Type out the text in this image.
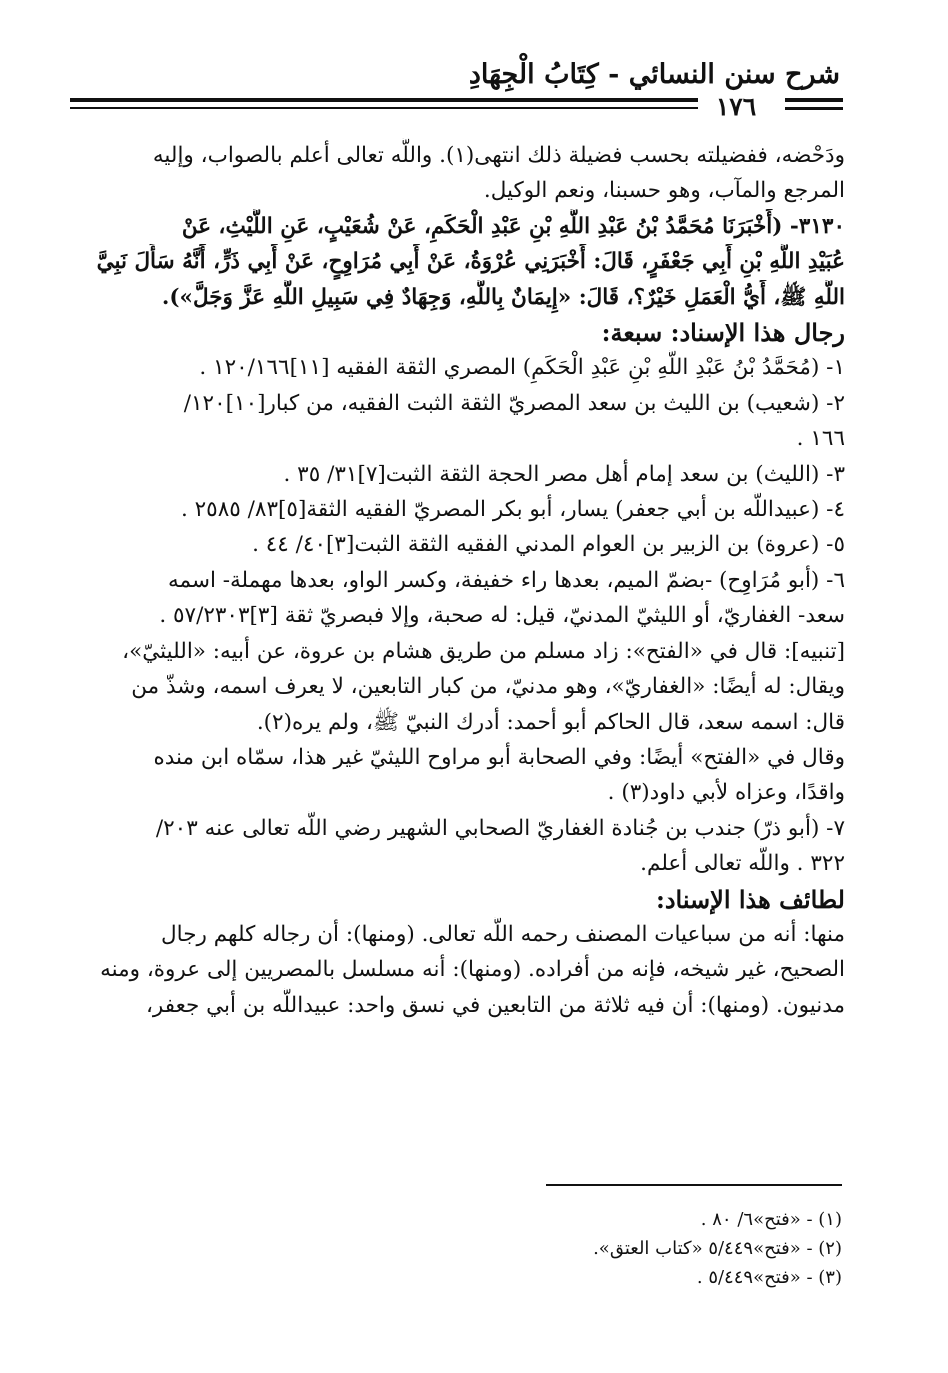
شرح سنن النسائي - كِتَابُ الْجِهَادِ
١٧٦
ودَحْضه، ففضيلته بحسب فضيلة ذلك انتهى(١). واللَّه تعالى أعلم بالصواب، وإليه
المرجع والمآب، وهو حسبنا، ونعم الوكيل.
٣١٣٠- (أَخْبَرَنَا مُحَمَّدُ بْنُ عَبْدِ اللَّهِ بْنِ عَبْدِ الْحَكَمِ، عَنْ شُعَيْبٍ، عَنِ اللَّيْثِ، عَنْ
عُبَيْدِ اللَّهِ بْنِ أَبِي جَعْفَرٍ، قَالَ: أَخْبَرَنِي عُرْوَةُ، عَنْ أَبِي مُرَاوِحٍ، عَنْ أَبِي ذَرٍّ، أَنَّهُ سَأَلَ نَبِيَّ
اللَّهِ ﷺ، أَيُّ الْعَمَلِ خَيْرٌ؟، قَالَ: «إِيمَانٌ بِاللَّهِ، وَجِهَادٌ فِي سَبِيلِ اللَّهِ عَزَّ وَجَلَّ»).
رجال هذا الإسناد: سبعة:
١- (مُحَمَّدُ بْنُ عَبْدِ اللَّهِ بْنِ عَبْدِ الْحَكَمِ) المصري الثقة الفقيه [١١]١٢٠/١٦٦ .
٢- (شعيب) بن الليث بن سعد المصريّ الثقة الثبت الفقيه، من كبار[١٠]١٢٠/
١٦٦ .
٣- (الليث) بن سعد إمام أهل مصر الحجة الثقة الثبت[٧]٣١/ ٣٥ .
٤- (عبيداللَّه بن أبي جعفر) يسار، أبو بكر المصريّ الفقيه الثقة[٥]٨٣/ ٢٥٨٥ .
٥- (عروة) بن الزبير بن العوام المدني الفقيه الثقة الثبت[٣]٤٠/ ٤٤ .
٦- (أبو مُرَاوِح) -بضمّ الميم، بعدها راء خفيفة، وكسر الواو، بعدها مهملة- اسمه
سعد- الغفاريّ، أو الليثيّ المدنيّ، قيل: له صحبة، وإلا فبصريّ ثقة [٣]٥٧/٢٣٠٣ .
[تنبيه]: قال في «الفتح»: زاد مسلم من طريق هشام بن عروة، عن أبيه: «الليثيّ»،
ويقال: له أيضًا: «الغفاريّ»، وهو مدنيّ، من كبار التابعين، لا يعرف اسمه، وشذّ من
قال: اسمه سعد، قال الحاكم أبو أحمد: أدرك النبيّ ﷺ، ولم يره(٢).
وقال في «الفتح» أيضًا: وفي الصحابة أبو مراوح الليثيّ غير هذا، سمّاه ابن منده
واقدًا، وعزاه لأبي داود(٣) .
٧- (أبو ذرّ) جندب بن جُنادة الغفاريّ الصحابي الشهير رضي اللَّه تعالى عنه ٢٠٣/
٣٢٢ . واللَّه تعالى أعلم.
لطائف هذا الإسناد:
منها: أنه من سباعيات المصنف رحمه اللَّه تعالى. (ومنها): أن رجاله كلهم رجال
الصحيح، غير شيخه، فإنه من أفراده. (ومنها): أنه مسلسل بالمصريين إلى عروة، ومنه
مدنيون. (ومنها): أن فيه ثلاثة من التابعين في نسق واحد: عبيداللَّه بن أبي جعفر،
(١) - «فتح»٦/ ٨٠ .
(٢) - «فتح»٥/٤٤٩ «كتاب العتق».
(٣) - «فتح»٥/٤٤٩ .
